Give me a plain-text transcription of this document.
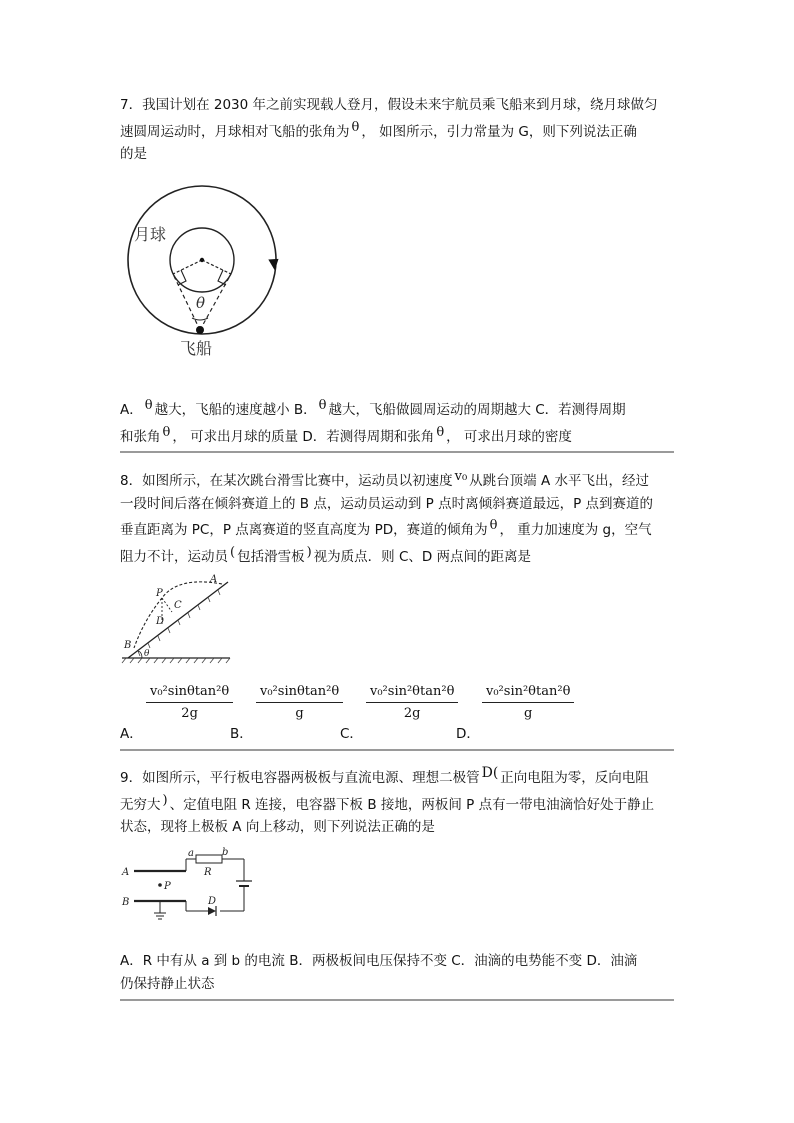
7．我国计划在 2030 年之前实现载人登月，假设未来宇航员乘飞船来到月球，绕月球做匀

速圆周运动时，月球相对飞船的张角为 θ ， 如图所示，引力常量为 G，则下列说法正确

的是

月球
θ
飞船

A． θ 越大，飞船的速度越小 B． θ 越大，飞船做圆周运动的周期越大 C．若测得周期

和张角 θ ， 可求出月球的质量 D．若测得周期和张角 θ ， 可求出月球的密度

8．如图所示，在某次跳台滑雪比赛中，运动员以初速度 v₀ 从跳台顶端 A 水平飞出，经过

一段时间后落在倾斜赛道上的 B 点，运动员运动到 P 点时离倾斜赛道最远，P 点到赛道的

垂直距离为 PC，P 点离赛道的竖直高度为 PD，赛道的倾角为 θ ， 重力加速度为 g，空气

阻力不计，运动员 ( 包括滑雪板 ) 视为质点．则 C、D 两点间的距离是

A
P
C
D
B
θ
A．
$\frac{\text{v₀²sinθtan²θ}}{2g}$
B．
$\frac{\text{v₀²sinθtan²θ}}{g}$
C．
$\frac{\text{v₀²sin²θtan²θ}}{2g}$
D．
$\frac{\text{v₀²sin²θtan²θ}}{g}$

9．如图所示，平行板电容器两极板与直流电源、理想二极管 D( 正向电阻为零，反向电阻

无穷大 ) 、定值电阻 R 连接，电容器下板 B 接地，两板间 P 点有一带电油滴恰好处于静止

状态，现将上极板 A 向上移动，则下列说法正确的是

A
B
a	b
R
P
D

A．R 中有从 a 到 b 的电流 B．两极板间电压保持不变 C．油滴的电势能不变 D．油滴

仍保持静止状态
